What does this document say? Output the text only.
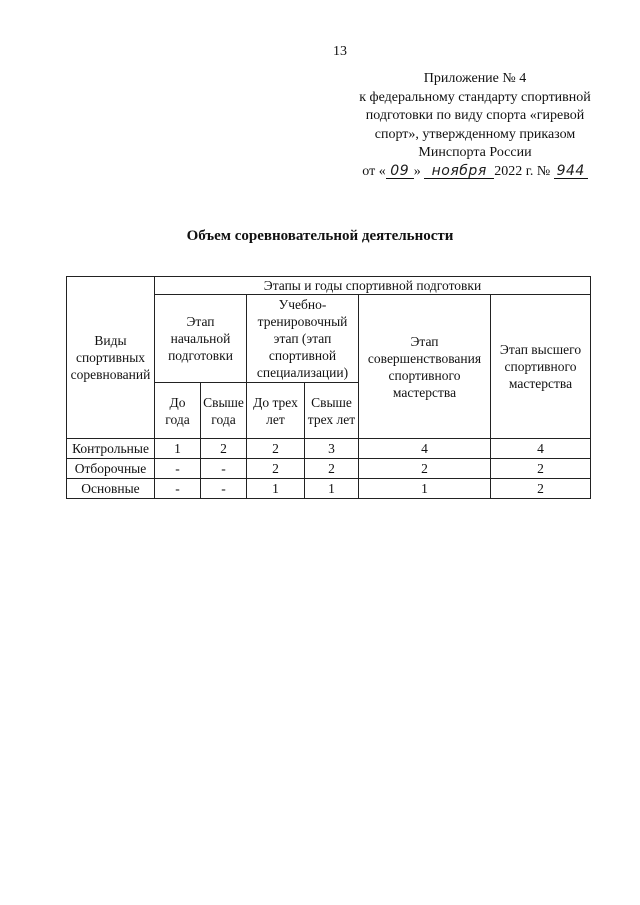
13
Приложение № 4
к федеральному стандарту спортивной
подготовки по виду спорта «гиревой
спорт», утвержденному приказом
Минспорта России
от « 09 » ноября 2022 г. № 944
Объем соревновательной деятельности
Виды спортивных соревнований	Этапы и годы спортивной подготовки					
	Этап начальной подготовки		Учебно-тренировочный этап (этап спортивной специализации)		Этап совершенствования спортивного мастерства	Этап высшего спортивного мастерства
	До года	Свыше года	До трех лет	Свыше трех лет		
Контрольные	1	2	2	3	4	4
Отборочные	-	-	2	2	2	2
Основные	-	-	1	1	1	2
